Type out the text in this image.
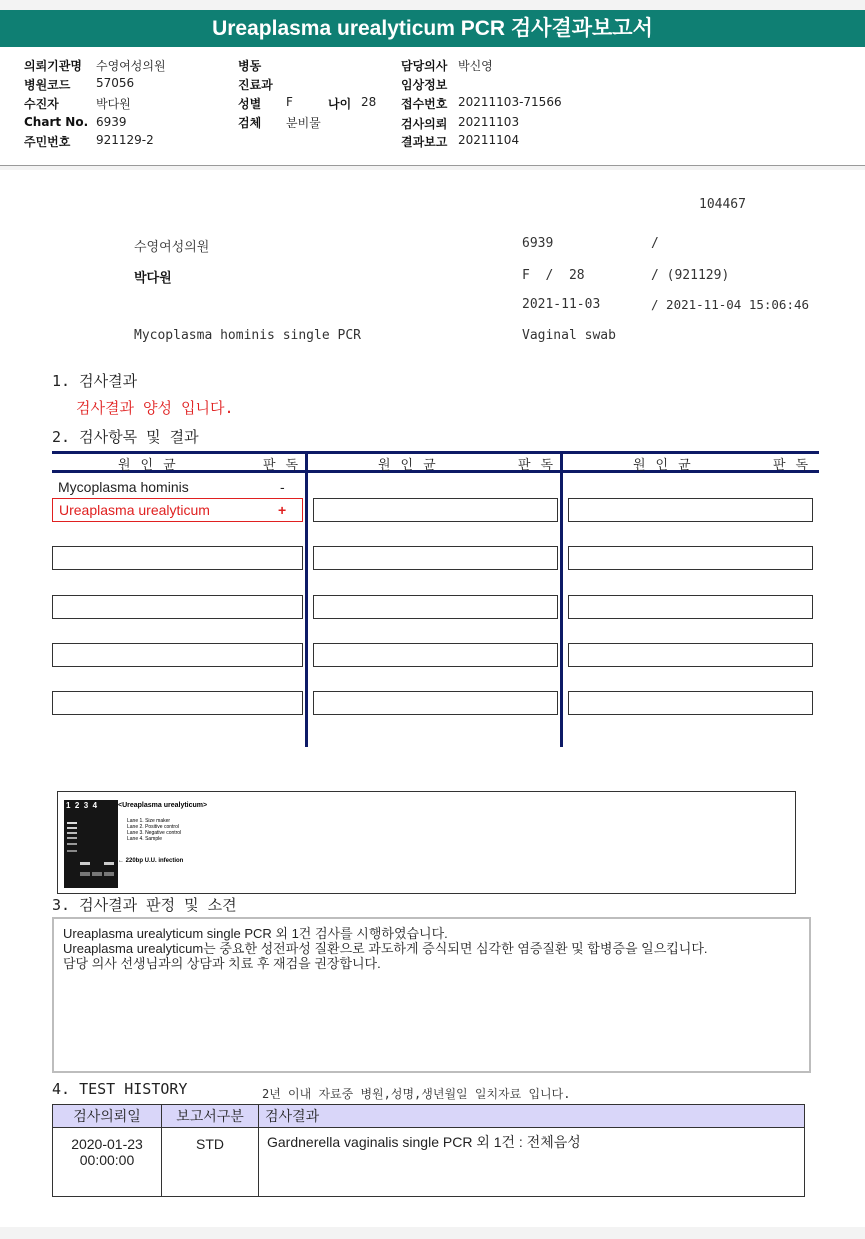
Ureaplasma urealyticum PCR 검사결과보고서
의뢰기관명 수영여성의원
병원코드 57056
수진자	박다원
Chart No. 6939
주민번호 921129-2
병동
진료과
성별 F	나이 28
검체 분비물
담당의사 박신영
임상정보
접수번호 20211103-71566
검사의뢰 20211103
결과보고 20211104
104467
수영여성의원	6939	/
박다원	F  /  28	/ (921129)
2021-11-03	/ 2021-11-04 15:06:46
Mycoplasma hominis single PCR	Vaginal swab
1. 검사결과
검사결과 양성 입니다.
2. 검사항목 및 결과
원인균	판독	원인균	판독	원인균	판독
Mycoplasma hominis	-
Ureaplasma urealyticum	+
1  2  3  4	<Ureaplasma urealyticum>
Lane 1. Size maker
Lane 2. Positive control
Lane 3. Negative control
Lane 4. Sample
← 220bp U.U. infection
3. 검사결과 판정 및 소견
Ureaplasma urealyticum single PCR 외 1건 검사를 시행하였습니다.
Ureaplasma urealyticum는 중요한 성전파성 질환으로 과도하게 증식되면 심각한 염증질환 및 합병증을 일으킵니다.
담당 의사 선생님과의 상담과 치료 후 재검을 권장합니다.
4. TEST HISTORY	2년 이내 자료중 병원,성명,생년월일 일치자료 입니다.
검사의뢰일	보고서구분	검사결과

2020-01-23
00:00:00	STD	Gardnerella vaginalis single PCR 외 1건 : 전체음성
